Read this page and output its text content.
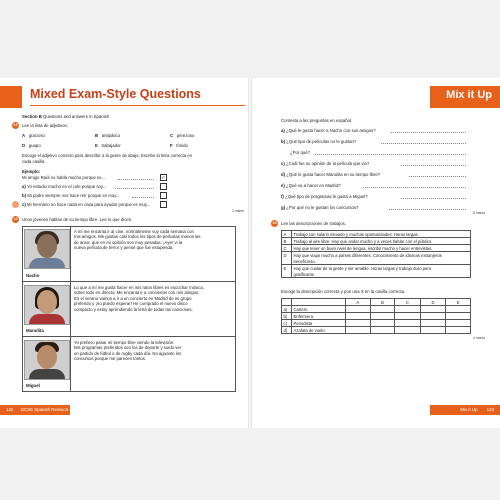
Mixed Exam-Style Questions
Section B Questions and answers in Spanish
13	Lee la lista de adjetivos:
A gracioso	B antipático	C perezoso
D guapo	E trabajador	F tímido
Escoge el adjetivo correcto para describir a la gente de abajo. Escribe la letra correcta en
cada casilla.
Ejemplo:
Mi amigo Raúl no habla mucho porque es...	F
a) Yo estudio mucho en el cole porque soy...
b) Mi padre siempre nos hace reír porque es muy...
c) Mi hermano no hace nada en casa para ayudar porque es muy...
3 marks
14	Unos jóvenes hablan de su tiempo libre. Lee lo que dicen.
Nacho
A mí me encanta ir al cine, normalmente voy cada semana con
mis amigos. Me gustan casi todos los tipos de películas menos las
de amor, que en mi opinión son muy pesadas. ¡Ayer vi la
nueva película de terror y pensé que fue estupenda.
Manolita
Lo que a mí me gusta hacer en mis ratos libres es escuchar música,
sobre todo en directo. Me encanta ir a conciertos con mis amigos.
En el verano vamos a ir a un concierto en Madrid de mi grupo
preferido y ¡no puedo esperar! He comprado el nuevo disco
compacto y estoy aprendiendo la letra de todas las canciones.
Miguel
Yo prefiero pasar mi tiempo libre viendo la televisión.
Mis programas preferidos son los de deporte y suelo ver
un partido de fútbol o de rugby cada día. No aguanto los
concursos porque me parecen tontos.
122 GCSE Spanish Revision Guide
Mix it Up
Contesta a las preguntas en español.
a) ¿Qué le gusta hacer a Nacho con sus amigos?
b) ¿Qué tipo de películas no le gustan?
¿Por qué?
c) ¿Cuál fue su opinión de la película que vio?
d) ¿Qué le gusta hacer Manolita en su tiempo libre?
e) ¿Qué va a hacer en Madrid?
f) ¿Qué tipo de programas le gusta a Miguel?
g) ¿Por qué no le gustan los concursos?
8 marks
15	Lee las descripciones de trabajos.
A	Trabajo con salario elevado y muchas oportunidades. Horas largas.
B	Trabajo al aire libre. Hay que andar mucho y a veces hablar con el público.
C	Hay que tener un buen nivel de lengua, escribir mucho y hacer entrevistas.
D	Hay que viajar mucho a países diferentes. Conocimiento de idiomas extranjeros
	beneficioso.
E	Hay que cuidar de la gente y ser amable. Horas largas y trabajo duro pero
	gratificante.
Escoge la descripción correcta y pon una X en la casilla correcta.
		A	B	C	D	E
a)	Cartero					
b)	Enfermera					
c)	Periodista					
d)	Azafata de vuelo					
4 marks
Mix it Up 123
